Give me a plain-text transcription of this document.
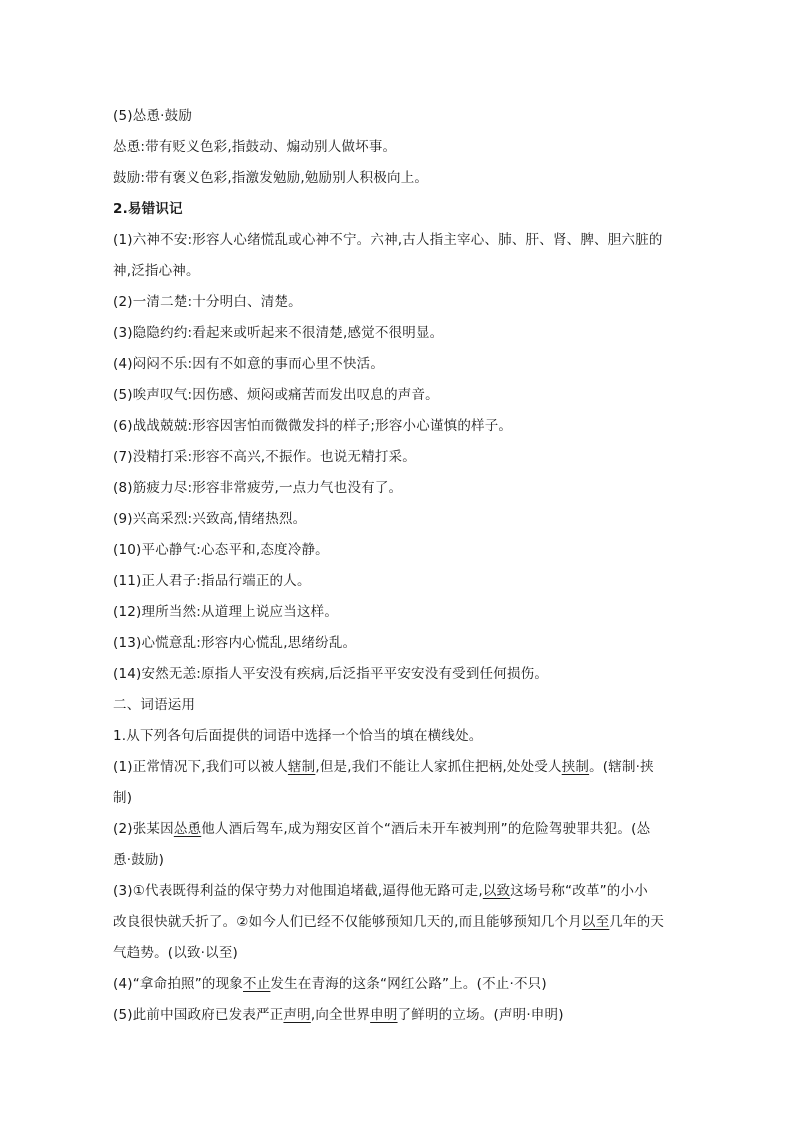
(5)怂恿·鼓励
怂恿:带有贬义色彩,指鼓动、煽动别人做坏事。
鼓励:带有褒义色彩,指激发勉励,勉励别人积极向上。
2.易错识记
(1)六神不安:形容人心绪慌乱或心神不宁。六神,古人指主宰心、肺、肝、肾、脾、胆六脏的
神,泛指心神。
(2)一清二楚:十分明白、清楚。
(3)隐隐约约:看起来或听起来不很清楚,感觉不很明显。
(4)闷闷不乐:因有不如意的事而心里不快活。
(5)唉声叹气:因伤感、烦闷或痛苦而发出叹息的声音。
(6)战战兢兢:形容因害怕而微微发抖的样子;形容小心谨慎的样子。
(7)没精打采:形容不高兴,不振作。也说无精打采。
(8)筋疲力尽:形容非常疲劳,一点力气也没有了。
(9)兴高采烈:兴致高,情绪热烈。
(10)平心静气:心态平和,态度冷静。
(11)正人君子:指品行端正的人。
(12)理所当然:从道理上说应当这样。
(13)心慌意乱:形容内心慌乱,思绪纷乱。
(14)安然无恙:原指人平安没有疾病,后泛指平平安安没有受到任何损伤。
二、词语运用
1.从下列各句后面提供的词语中选择一个恰当的填在横线处。
(1)正常情况下,我们可以被人辖制,但是,我们不能让人家抓住把柄,处处受人挟制。(辖制·挟
制)
(2)张某因怂恿他人酒后驾车,成为翔安区首个“酒后未开车被判刑”的危险驾驶罪共犯。(怂
恿·鼓励)
(3)①代表既得利益的保守势力对他围追堵截,逼得他无路可走,以致这场号称“改革”的小小
改良很快就夭折了。②如今人们已经不仅能够预知几天的,而且能够预知几个月以至几年的天
气趋势。(以致·以至)
(4)“拿命拍照”的现象不止发生在青海的这条“网红公路”上。(不止·不只)
(5)此前中国政府已发表严正声明,向全世界申明了鲜明的立场。(声明·申明)
